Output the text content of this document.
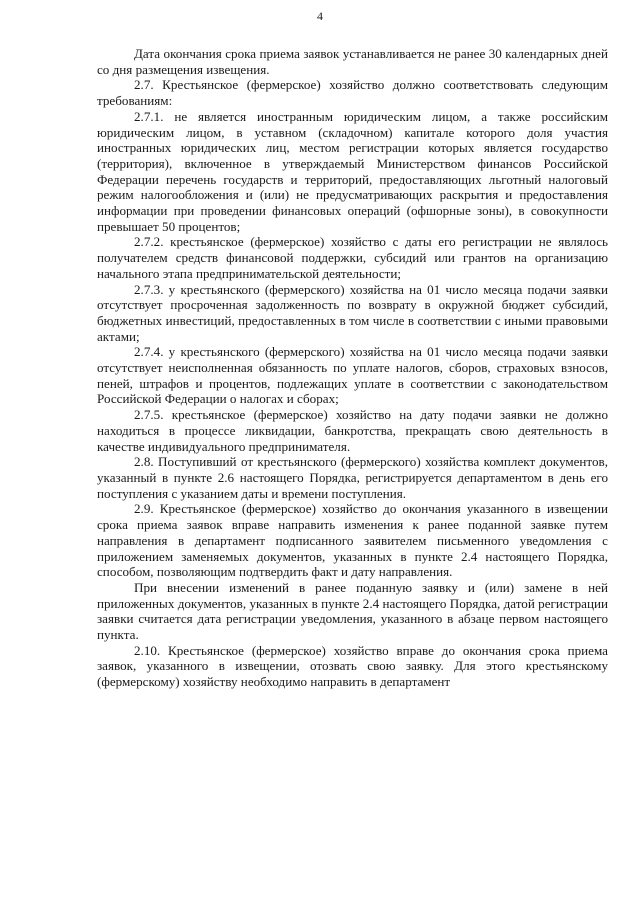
4

Дата окончания срока приема заявок устанавливается не ранее 30 календарных дней со дня размещения извещения.

2.7. Крестьянское (фермерское) хозяйство должно соответствовать следующим требованиям:

2.7.1. не является иностранным юридическим лицом, а также российским юридическим лицом, в уставном (складочном) капитале которого доля участия иностранных юридических лиц, местом регистрации которых является государство (территория), включенное в утверждаемый Министерством финансов Российской Федерации перечень государств и территорий, предоставляющих льготный налоговый режим налогообложения и (или) не предусматривающих раскрытия и предоставления информации при проведении финансовых операций (офшорные зоны), в совокупности превышает 50 процентов;

2.7.2. крестьянское (фермерское) хозяйство с даты его регистрации не являлось получателем средств финансовой поддержки, субсидий или грантов на организацию начального этапа предпринимательской деятельности;

2.7.3. у крестьянского (фермерского) хозяйства на 01 число месяца подачи заявки отсутствует просроченная задолженность по возврату в окружной бюджет субсидий, бюджетных инвестиций, предоставленных в том числе в соответствии с иными правовыми актами;

2.7.4. у крестьянского (фермерского) хозяйства на 01 число месяца подачи заявки отсутствует неисполненная обязанность по уплате налогов, сборов, страховых взносов, пеней, штрафов и процентов, подлежащих уплате в соответствии с законодательством Российской Федерации о налогах и сборах;

2.7.5. крестьянское (фермерское) хозяйство на дату подачи заявки не должно находиться в процессе ликвидации, банкротства, прекращать свою деятельность в качестве индивидуального предпринимателя.

2.8. Поступивший от крестьянского (фермерского) хозяйства комплект документов, указанный в пункте 2.6 настоящего Порядка, регистрируется департаментом в день его поступления с указанием даты и времени поступления.

2.9. Крестьянское (фермерское) хозяйство до окончания указанного в извещении срока приема заявок вправе направить изменения к ранее поданной заявке путем направления в департамент подписанного заявителем письменного уведомления с приложением заменяемых документов, указанных в пункте 2.4 настоящего Порядка, способом, позволяющим подтвердить факт и дату направления.

При внесении изменений в ранее поданную заявку и (или) замене в ней приложенных документов, указанных в пункте 2.4 настоящего Порядка, датой регистрации заявки считается дата регистрации уведомления, указанного в абзаце первом настоящего пункта.

2.10. Крестьянское (фермерское) хозяйство вправе до окончания срока приема заявок, указанного в извещении, отозвать свою заявку. Для этого крестьянскому (фермерскому) хозяйству необходимо направить в департамент
